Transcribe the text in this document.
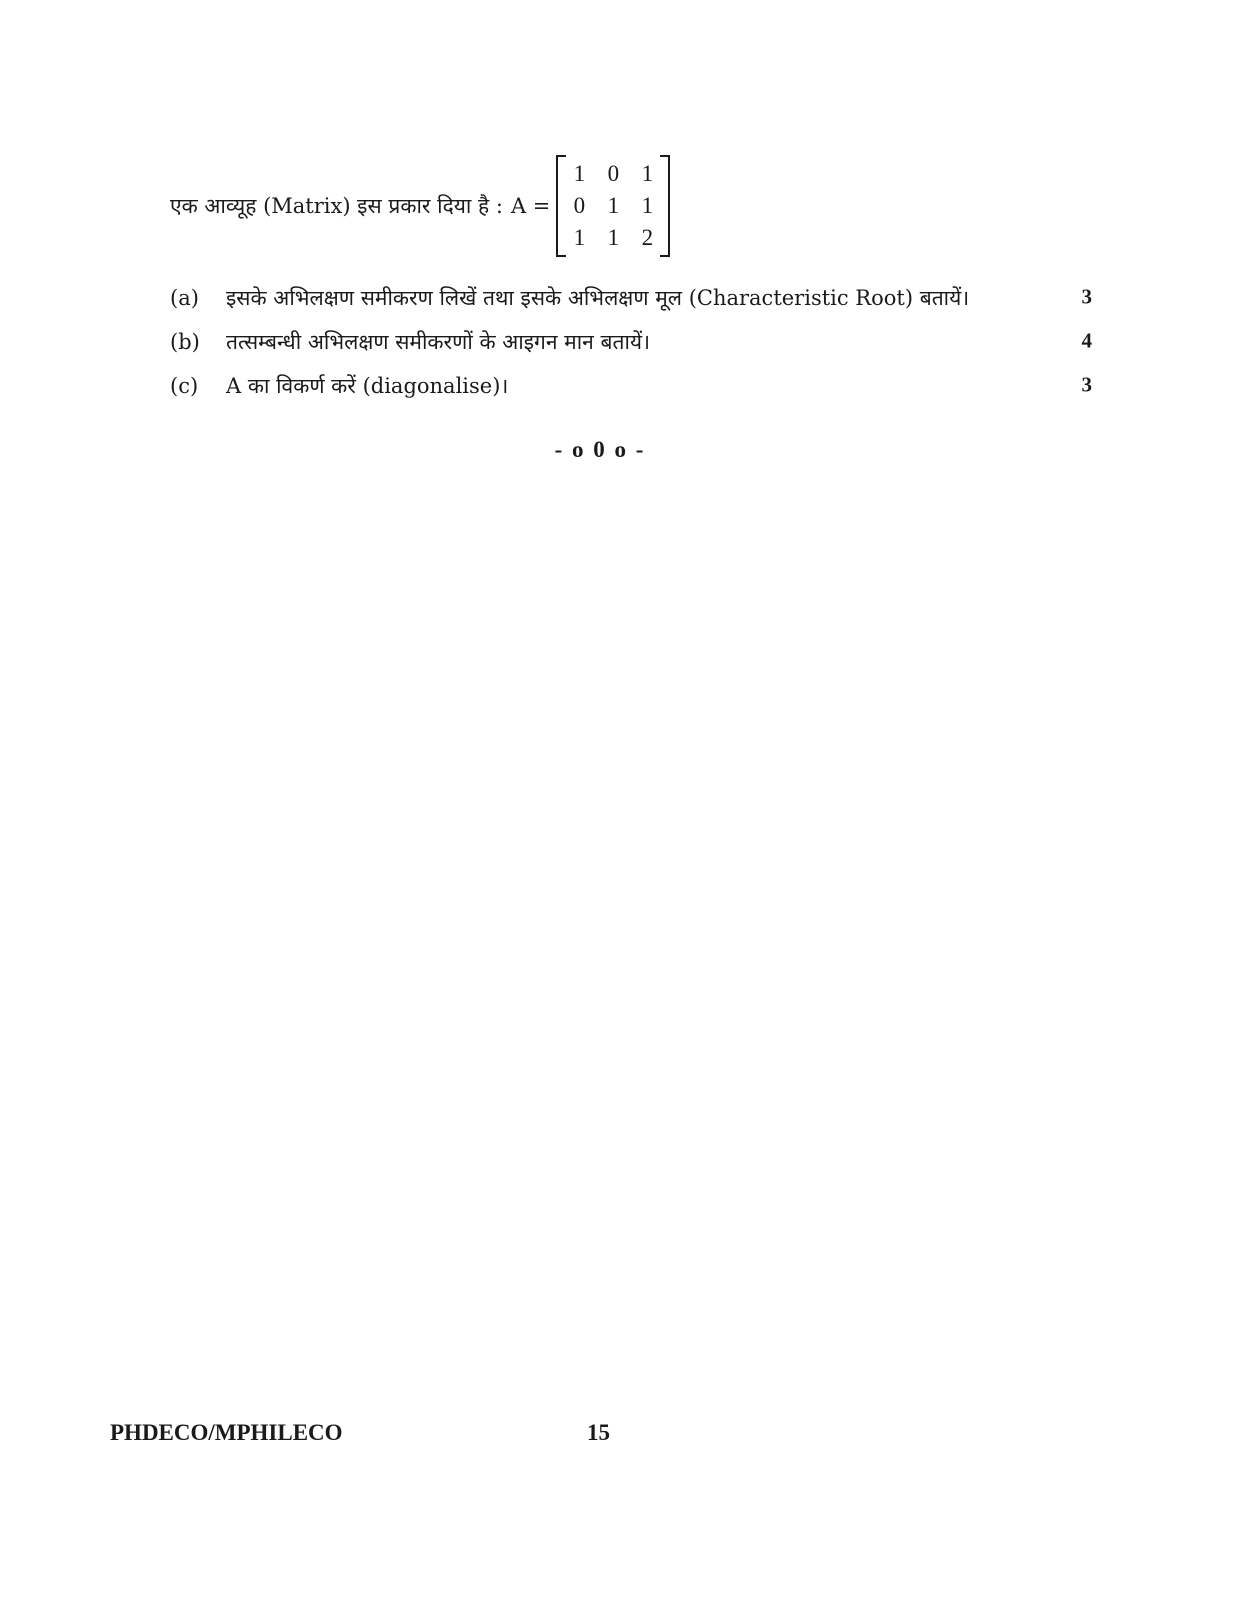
एक आव्यूह (Matrix) इस प्रकार दिया है : A =
1 0 1
0 1 1
1 1 2
(a)	इसके अभिलक्षण समीकरण लिखें तथा इसके अभिलक्षण मूल (Characteristic Root) बतायें।	3
(b)	तत्सम्बन्धी अभिलक्षण समीकरणों के आइगन मान बतायें।	4
(c)	A का विकर्ण करें (diagonalise)।	3
- o 0 o -
PHDECO/MPHILECO	15
